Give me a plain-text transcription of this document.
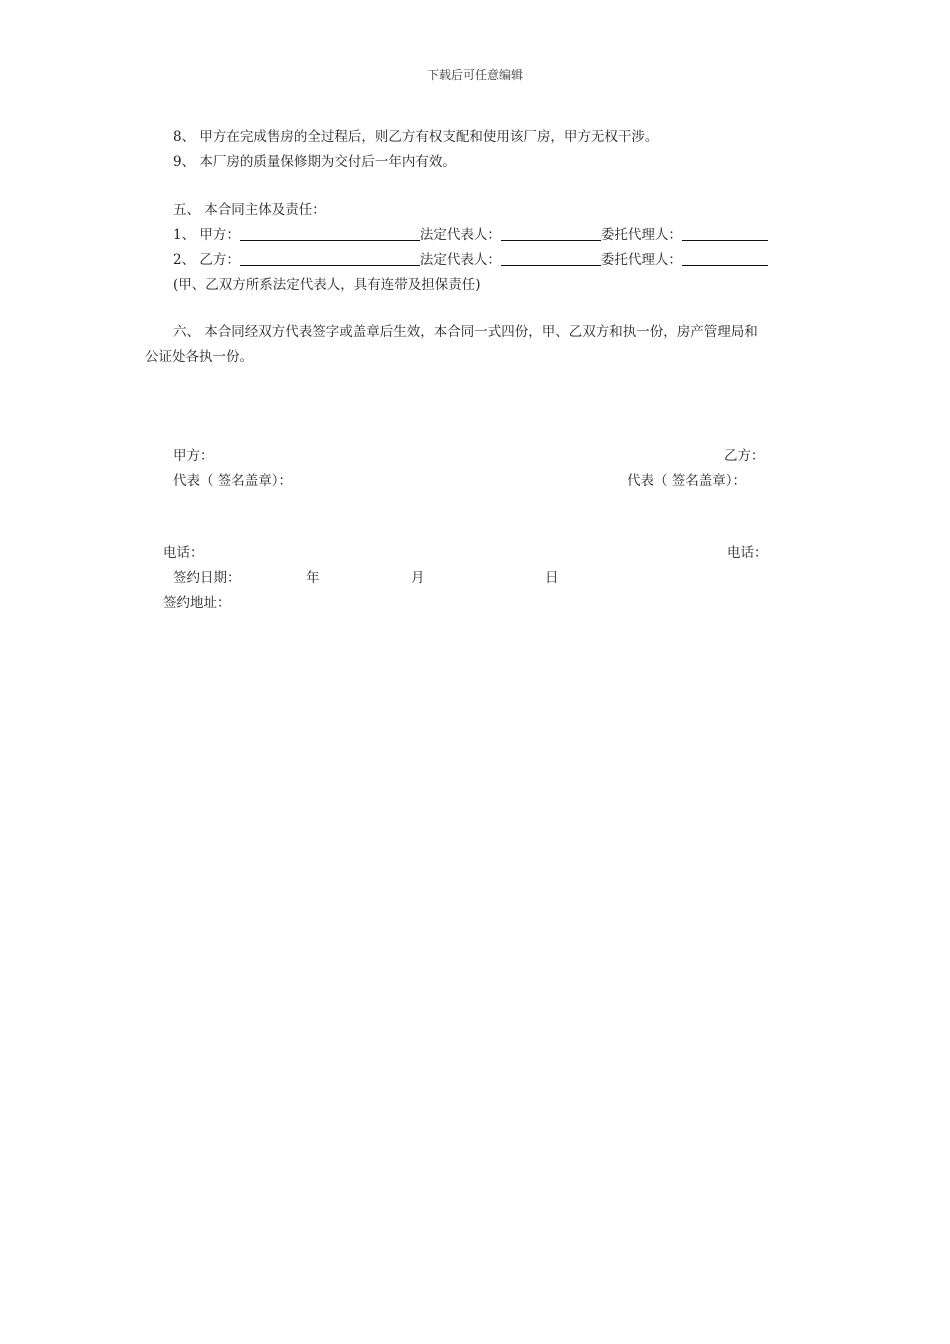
下载后可任意编辑
8、 甲方在完成售房的全过程后，则乙方有权支配和使用该厂房，甲方无权干涉。
9、 本厂房的质量保修期为交付后一年内有效。
五、 本合同主体及责任：
1、 甲方：	法定代表人：	委托代理人：
2、 乙方：	法定代表人：	委托代理人：
(甲、乙双方所系法定代表人，具有连带及担保责任)
六、 本合同经双方代表签字或盖章后生效，本合同一式四份，甲、乙双方和执一份，房产管理局和
公证处各执一份。
甲方：	乙方：
代表（ 签名盖章）：	代表（ 签名盖章）：
电话：	电话：
签约日期：	年	月	日
签约地址：
